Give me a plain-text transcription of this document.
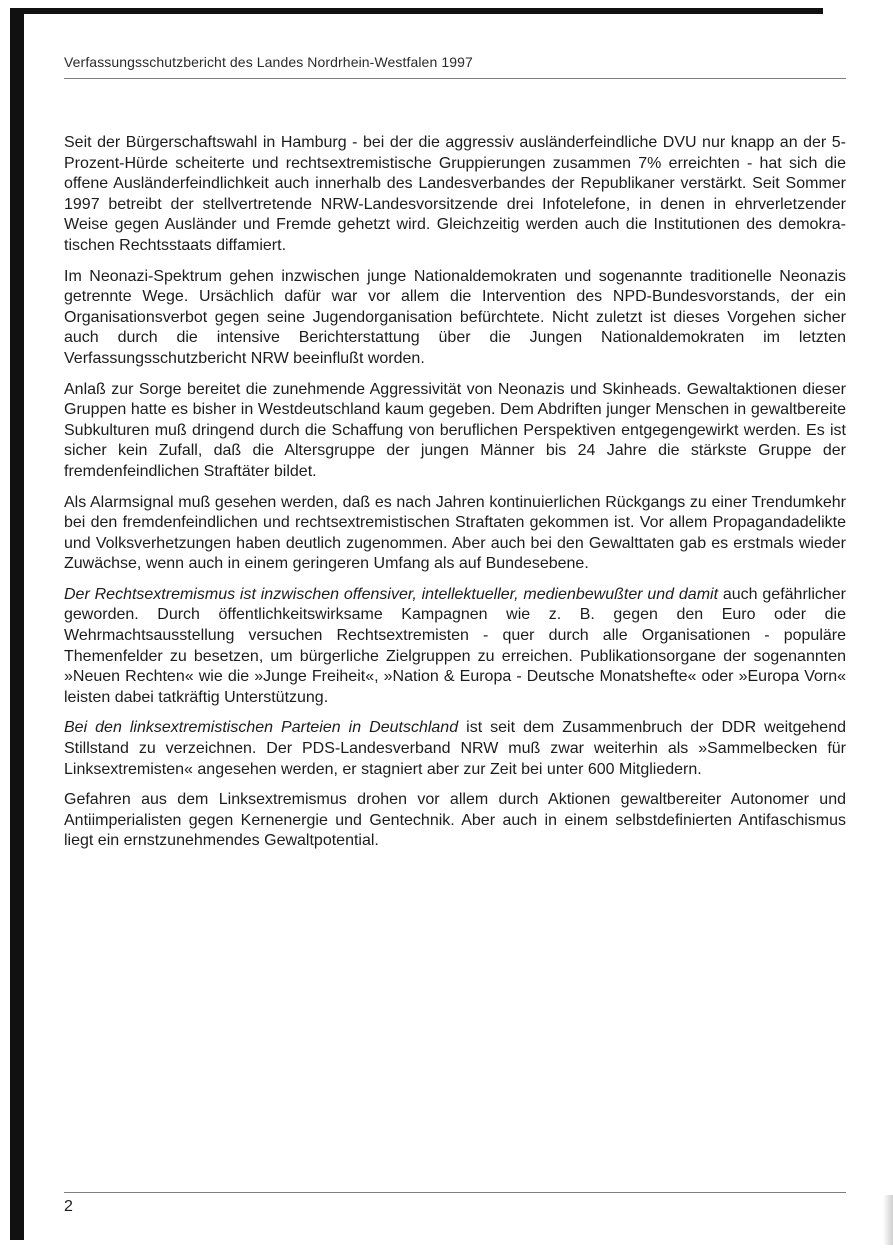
Verfassungsschutzbericht des Landes Nordrhein-Westfalen 1997

Seit der Bürgerschaftswahl in Hamburg - bei der die aggressiv ausländerfeindliche DVU nur knapp an der 5-Prozent-Hürde scheiterte und rechtsextremistische Gruppierungen zusammen 7% erreichten - hat sich die offene Ausländerfeindlichkeit auch innerhalb des Landesverbandes der Republikaner verstärkt. Seit Sommer 1997 betreibt der stellvertretende NRW-Landesvorsitzende drei Infotelefone, in denen in ehrverletzender Weise gegen Ausländer und Fremde gehetzt wird. Gleichzeitig werden auch die Institutionen des demokratischen Rechtsstaats diffamiert.

Im Neonazi-Spektrum gehen inzwischen junge Nationaldemokraten und sogenannte traditionelle Neonazis getrennte Wege. Ursächlich dafür war vor allem die Intervention des NPD-Bundesvorstands, der ein Organisationsverbot gegen seine Jugendorganisation befürchtete. Nicht zuletzt ist dieses Vorgehen sicher auch durch die intensive Berichterstattung über die Jungen Nationaldemokraten im letzten Verfassungsschutzbericht NRW beeinflußt worden.

Anlaß zur Sorge bereitet die zunehmende Aggressivität von Neonazis und Skinheads. Gewaltaktionen dieser Gruppen hatte es bisher in Westdeutschland kaum gegeben. Dem Abdriften junger Menschen in gewaltbereite Subkulturen muß dringend durch die Schaffung von beruflichen Perspektiven entgegengewirkt werden. Es ist sicher kein Zufall, daß die Altersgruppe der jungen Männer bis 24 Jahre die stärkste Gruppe der fremdenfeindlichen Straftäter bildet.

Als Alarmsignal muß gesehen werden, daß es nach Jahren kontinuierlichen Rückgangs zu einer Trendumkehr bei den fremdenfeindlichen und rechtsextremistischen Straftaten gekommen ist. Vor allem Propagandadelikte und Volksverhetzungen haben deutlich zugenommen. Aber auch bei den Gewalttaten gab es erstmals wieder Zuwächse, wenn auch in einem geringeren Umfang als auf Bundesebene.

Der Rechtsextremismus ist inzwischen offensiver, intellektueller, medienbewußter und damit auch gefährlicher geworden. Durch öffentlichkeitswirksame Kampagnen wie z. B. gegen den Euro oder die Wehrmachtsausstellung versuchen Rechtsextremisten - quer durch alle Organisationen - populäre Themenfelder zu besetzen, um bürgerliche Zielgruppen zu erreichen. Publikationsorgane der sogenannten »Neuen Rechten« wie die »Junge Freiheit«, »Nation & Europa - Deutsche Monatshefte« oder »Europa Vorn« leisten dabei tatkräftig Unterstützung.

Bei den linksextremistischen Parteien in Deutschland ist seit dem Zusammenbruch der DDR weitgehend Stillstand zu verzeichnen. Der PDS-Landesverband NRW muß zwar weiterhin als »Sammelbecken für Linksextremisten« angesehen werden, er stagniert aber zur Zeit bei unter 600 Mitgliedern.

Gefahren aus dem Linksextremismus drohen vor allem durch Aktionen gewaltbereiter Autonomer und Antiimperialisten gegen Kernenergie und Gentechnik. Aber auch in einem selbstdefinierten Antifaschismus liegt ein ernstzunehmendes Gewaltpotential.

2
